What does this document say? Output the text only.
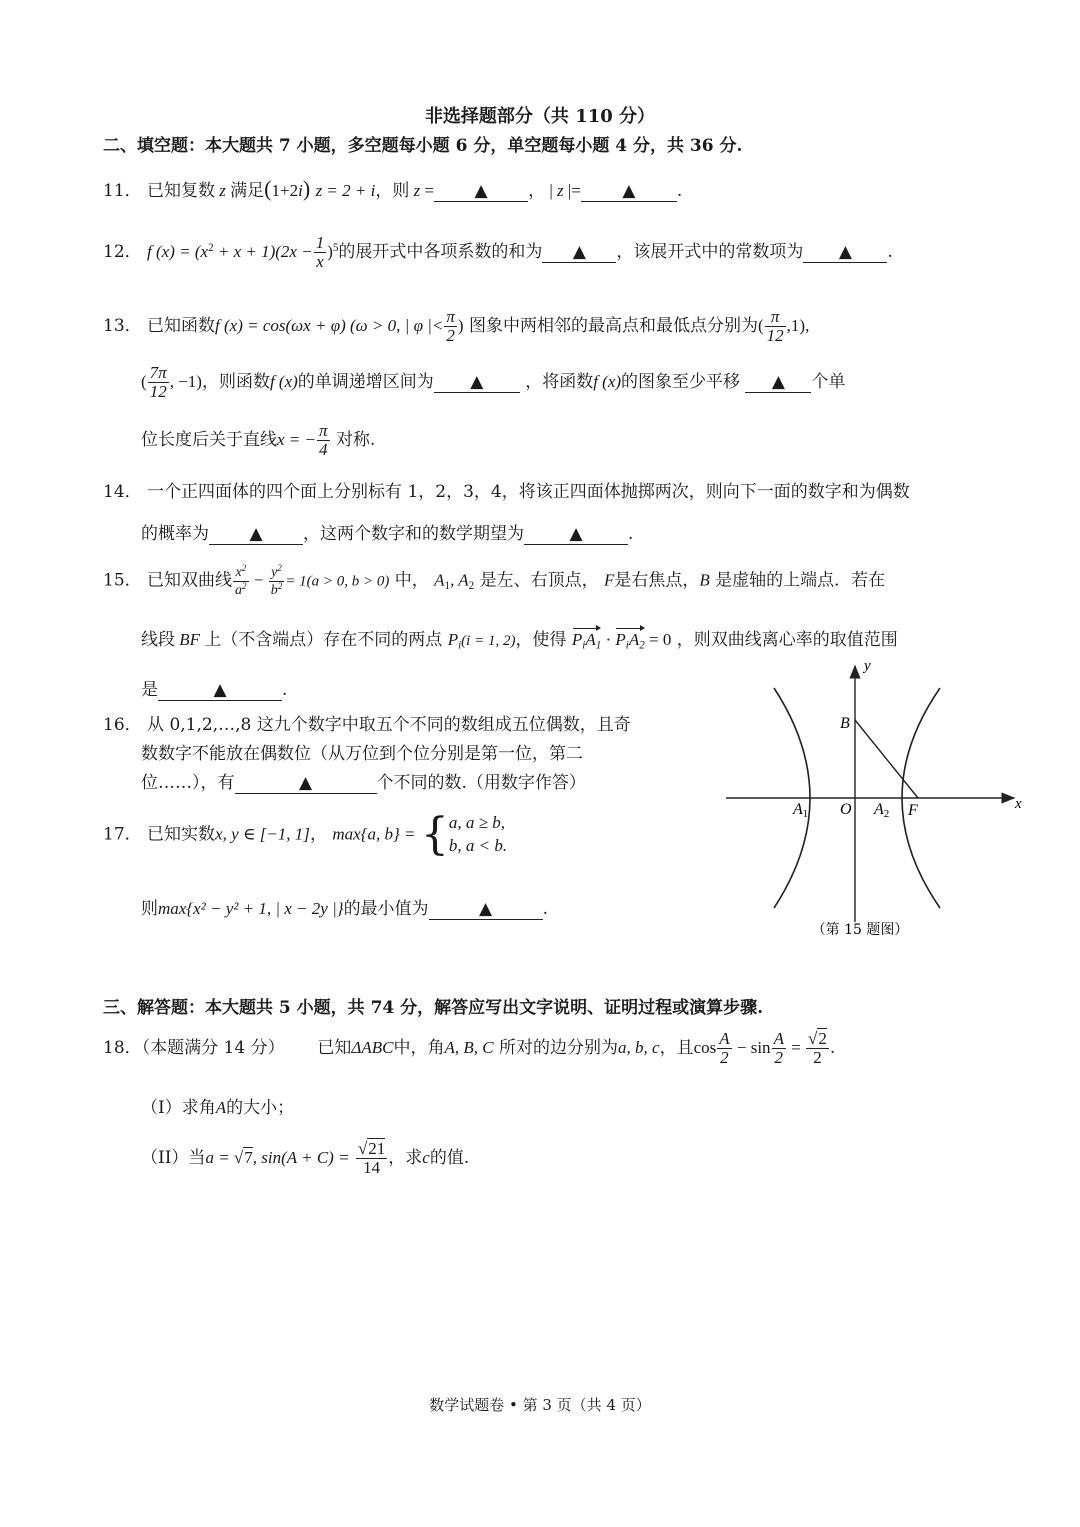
非选择题部分（共 110 分）
二、填空题：本大题共 7 小题，多空题每小题 6 分，单空题每小题 4 分，共 36 分.
11． 已知复数 z 满足(1+2i) z = 2 + i，则 z = ▲ ， | z |= ▲ .
12． f $(x) = (x^2 + x + 1)(2x - \frac{1}{x} )^5$的展开式中各项系数的和为 ▲ ，该展开式中的常数项为 ▲ .
13． 已知函数f (x) = cos(ωx + φ) (ω > 0, | φ |< $\frac{\pi}{2}$ ) 图象中两相邻的最高点和最低点分别为( $\frac{\pi}{12} ,1$),
( $\frac{7\pi}{12}$ , −1)，则函数f (x)的单调递增区间为 ▲ ，将函数f (x)的图象至少平移 ▲ 个单
位长度后关于直线x = − $\frac{\pi}{4}$ 对称.
14． 一个正四面体的四个面上分别标有 1，2，3，4，将该正四面体抛掷两次，则向下一面的数字和为偶数
的概率为 ▲ ，这两个数字和的数学期望为	▲	.
15． 已知双曲线 $\frac{x^2}{a^2} - \frac{y^2}{b^2} = 1(a > 0$, b > 0) 中， $A_1$, $A_2$ 是左、右顶点， F是右焦点，B 是虚轴的上端点．若在
线段 BF 上（不含端点）存在不同的两点 $P_i(i = 1$, 2)，使得 $P_iA_1 \cdot P_iA_2 = 0$ ，则双曲线离心率的取值范围
是	▲	.
16． 从 0,1,2,…,8 这九个数字中取五个不同的数组成五位偶数，且奇
数数字不能放在偶数位（从万位到个位分别是第一位，第二
位……），有	▲	个不同的数.（用数字作答）
17． 已知实数x, y ∈ [−1, 1]， max{a, b} = { a, a ≥ b,
b, a < b.
则max{x² − y² + 1, | x − 2y |}的最小值为	▲	.
y
x
B
O
A1	A2 F
（第 15 题图）
三、解答题：本大题共 5 小题，共 74 分，解答应写出文字说明、证明过程或演算步骤.
18．（本题满分 14 分） 已知ΔABC中，角A, B, C 所对的边分别为a, b, c，且$\cos \frac{A}{2} - \sin \frac{A}{2} = \frac{√2}{2}$ .
（I）求角A的大小；
（II）当a = √7, $\sin(A + C) = \frac{√21}{14}$ ，求c的值.
数学试题卷 • 第 3 页（共 4 页）
